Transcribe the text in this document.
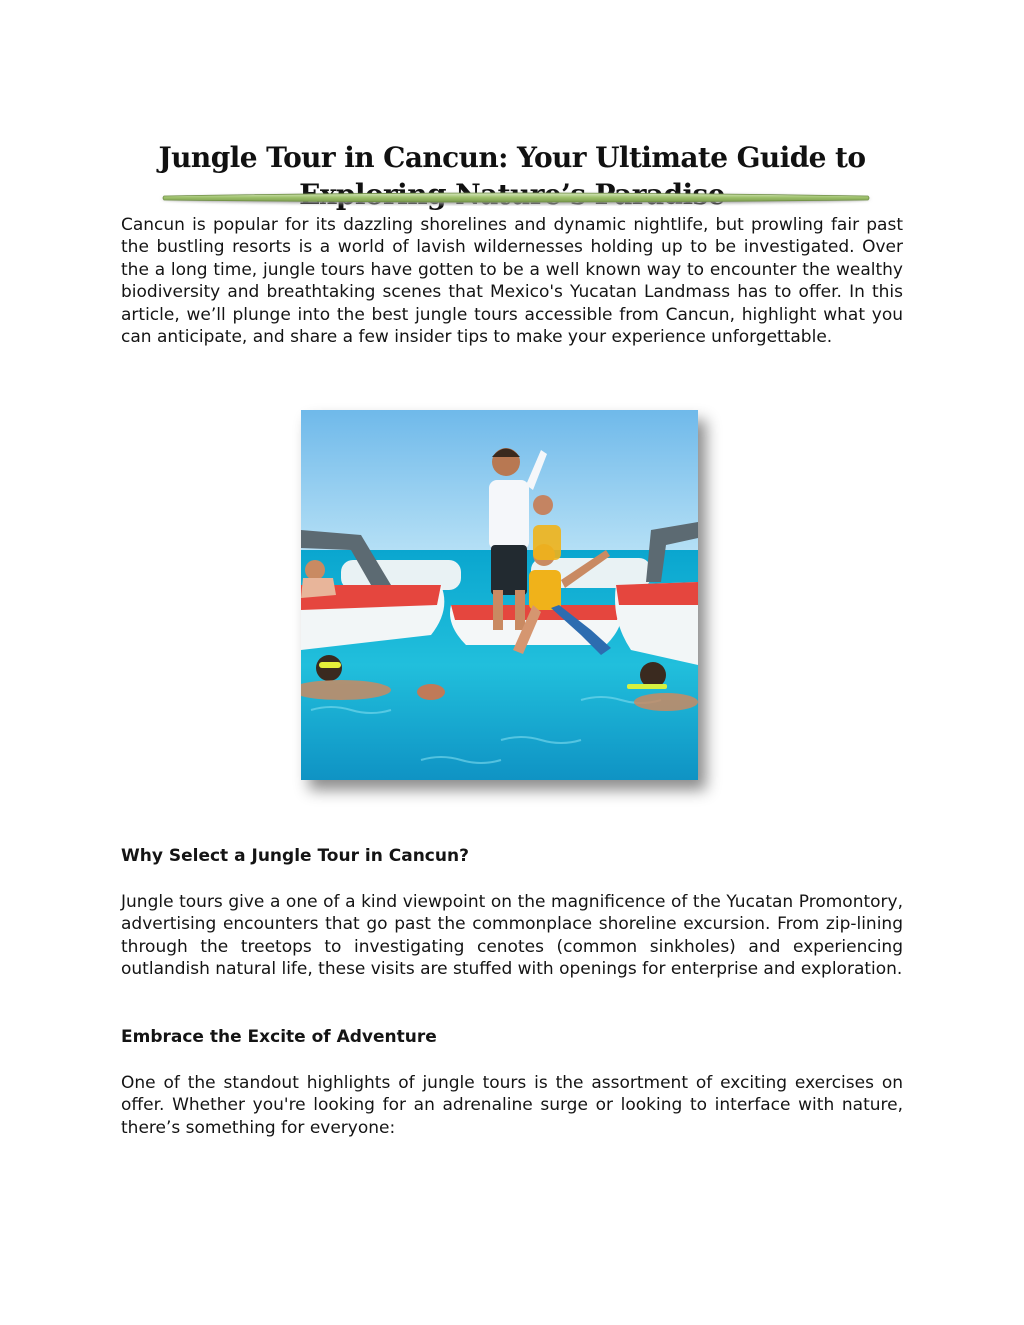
Jungle Tour in Cancun: Your Ultimate Guide to

Cancun is popular for its dazzling shorelines and dynamic nightlife, but prowling fair past the bustling resorts is a world of lavish wildernesses holding up to be investigated. Over the a long time, jungle tours have gotten to be a well known way to encounter the wealthy biodiversity and breathtaking scenes that Mexico's Yucatan Landmass has to offer. In this article, we’ll plunge into the best jungle tours accessible from Cancun, highlight what you can anticipate, and share a few insider tips to make your experience unforgettable.

Why Select a Jungle Tour in Cancun?

Jungle tours give a one of a kind viewpoint on the magnificence of the Yucatan Promontory, advertising encounters that go past the commonplace shoreline excursion. From zip-lining through the treetops to investigating cenotes (common sinkholes) and experiencing outlandish natural life, these visits are stuffed with openings for enterprise and exploration.

Embrace the Excite of Adventure

One of the standout highlights of jungle tours is the assortment of exciting exercises on offer. Whether you're looking for an adrenaline surge or looking to interface with nature, there’s something for everyone:
